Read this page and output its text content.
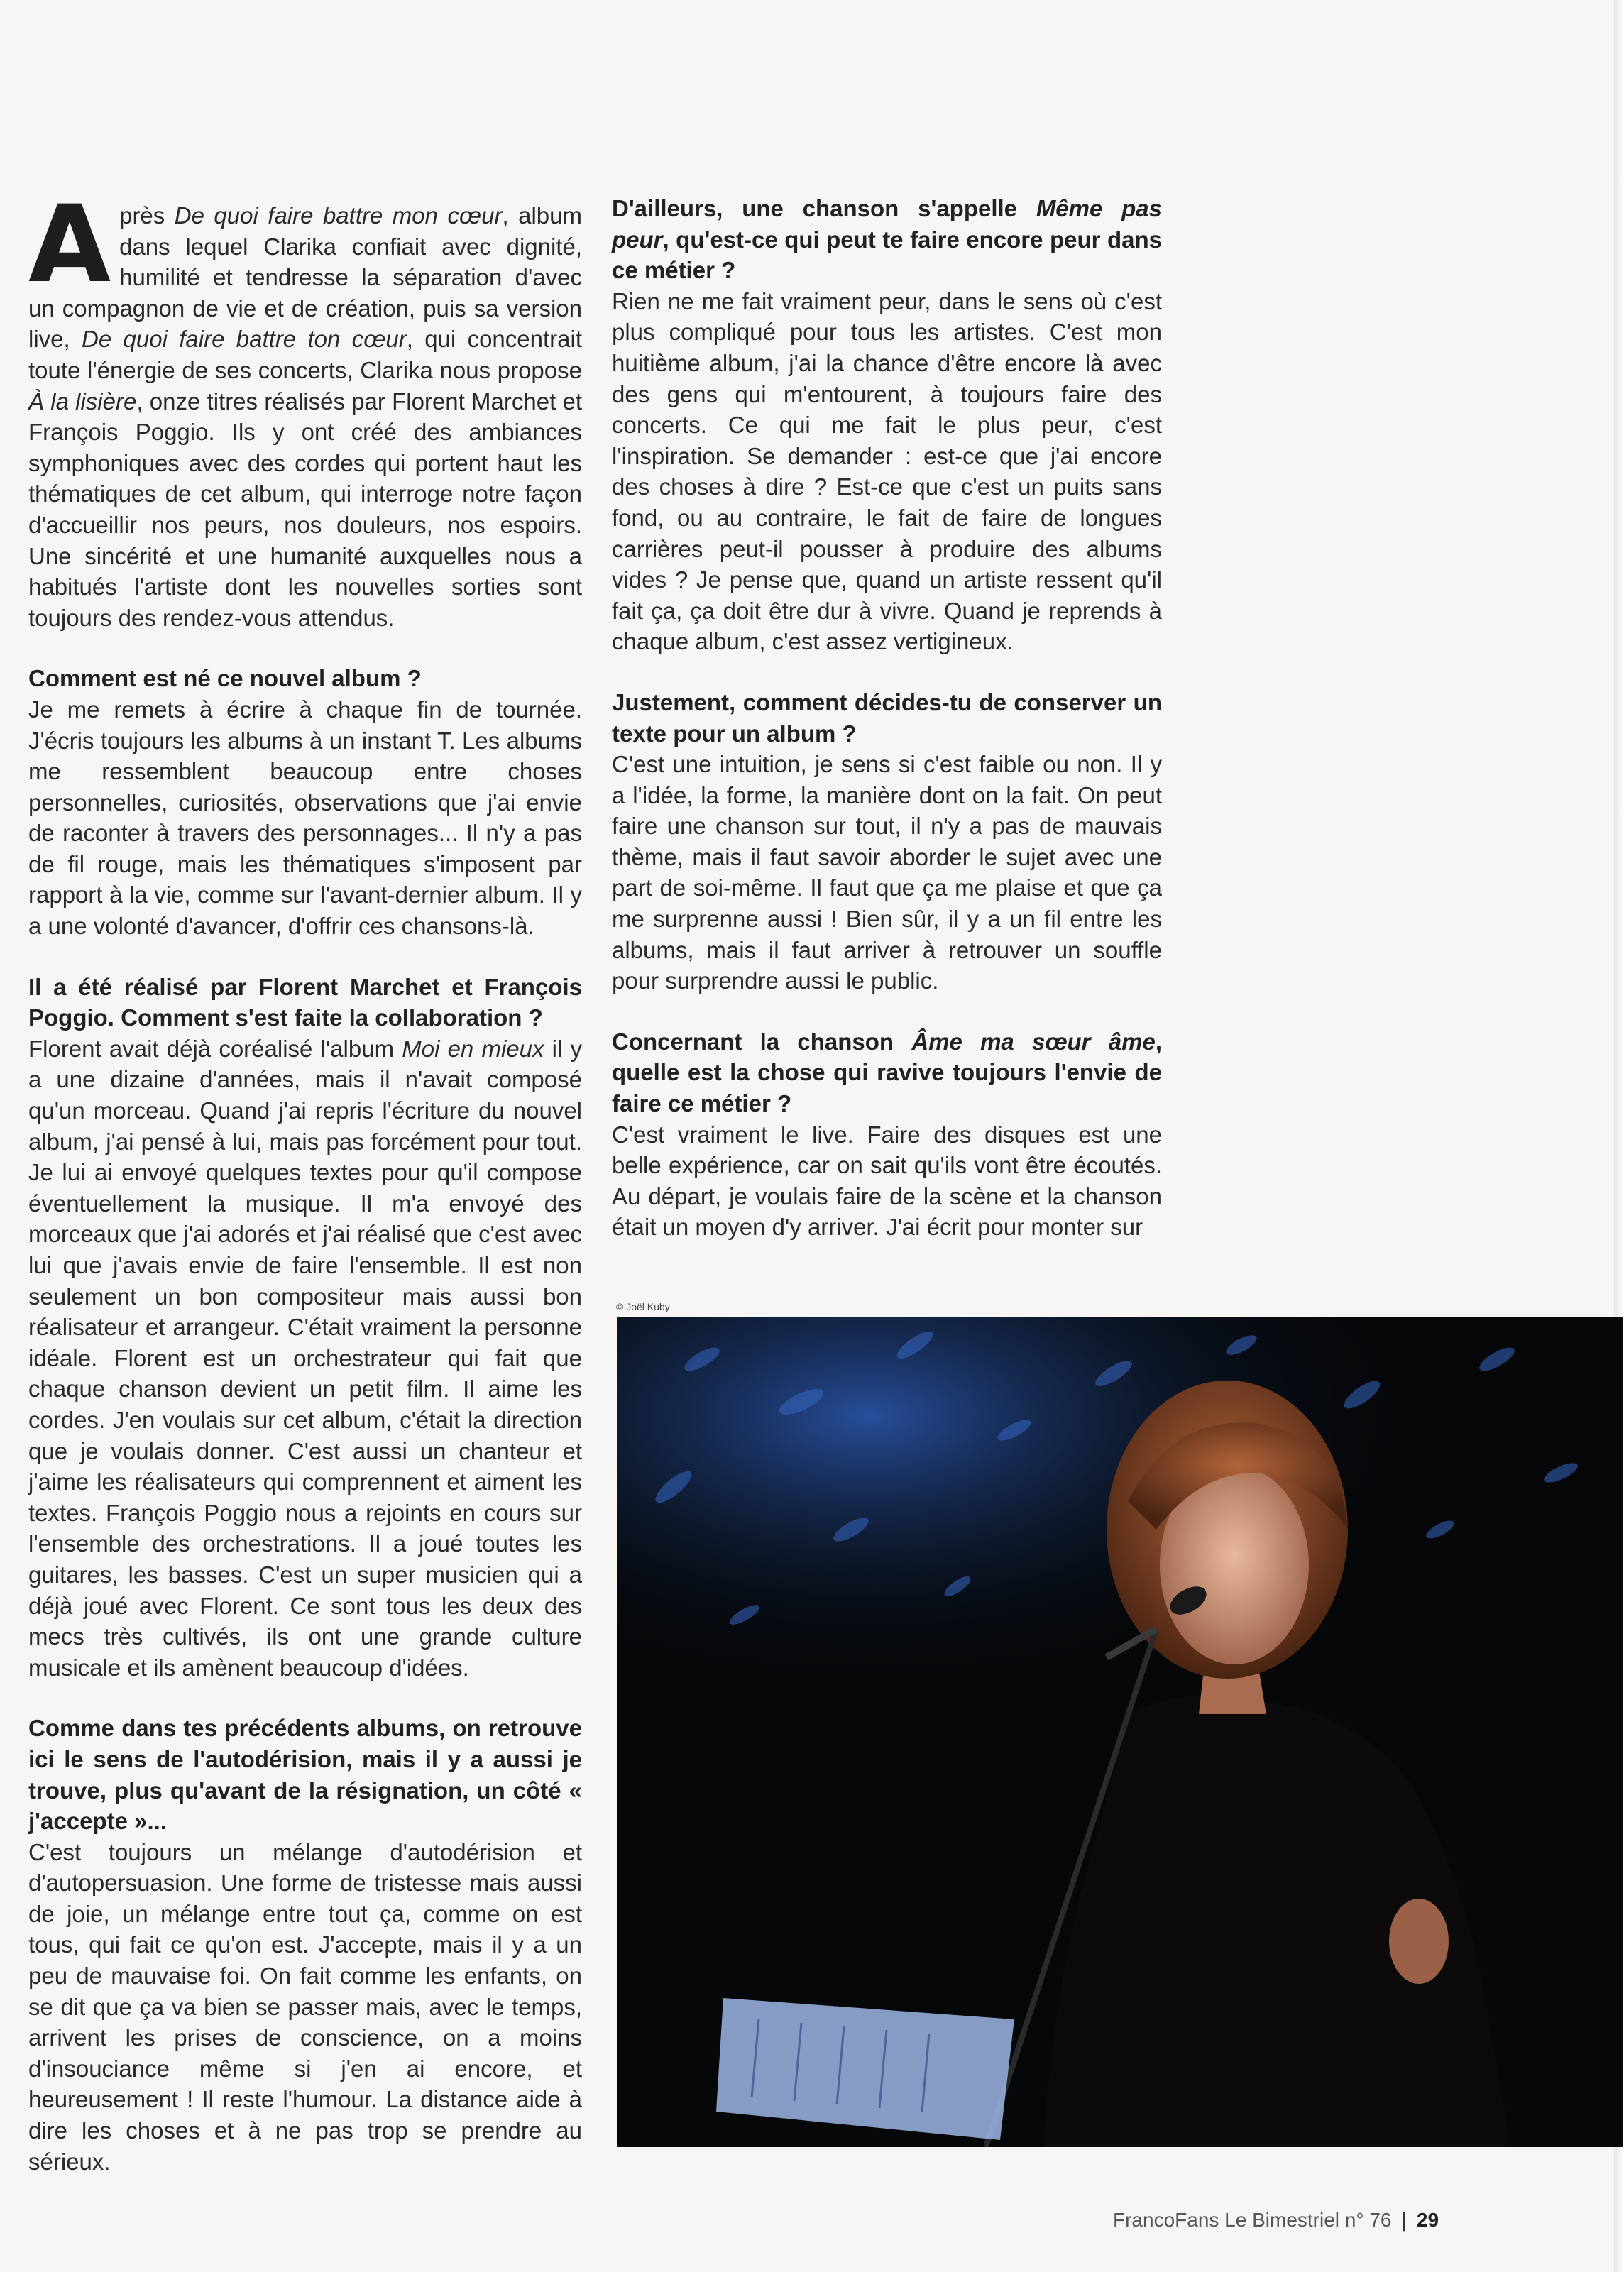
A près De quoi faire battre mon cœur, album dans lequel Clarika confiait avec dignité, humilité et tendresse la séparation d'avec un compagnon de vie et de création, puis sa version live, De quoi faire battre ton cœur, qui concentrait toute l'énergie de ses concerts, Clarika nous propose À la lisière, onze titres réalisés par Florent Marchet et François Poggio. Ils y ont créé des ambiances symphoniques avec des cordes qui portent haut les thématiques de cet album, qui interroge notre façon d'accueillir nos peurs, nos douleurs, nos espoirs. Une sincérité et une humanité auxquelles nous a habitués l'artiste dont les nouvelles sorties sont toujours des rendez-vous attendus.

Comment est né ce nouvel album ?

Je me remets à écrire à chaque fin de tournée. J'écris toujours les albums à un instant T. Les albums me ressemblent beaucoup entre choses personnelles, curiosités, observations que j'ai envie de raconter à travers des personnages... Il n'y a pas de fil rouge, mais les thématiques s'imposent par rapport à la vie, comme sur l'avant-dernier album. Il y a une volonté d'avancer, d'offrir ces chansons-là.

Il a été réalisé par Florent Marchet et François Poggio. Comment s'est faite la collaboration ?

Florent avait déjà coréalisé l'album Moi en mieux il y a une dizaine d'années, mais il n'avait composé qu'un morceau. Quand j'ai repris l'écriture du nouvel album, j'ai pensé à lui, mais pas forcément pour tout. Je lui ai envoyé quelques textes pour qu'il compose éventuellement la musique. Il m'a envoyé des morceaux que j'ai adorés et j'ai réalisé que c'est avec lui que j'avais envie de faire l'ensemble. Il est non seulement un bon compositeur mais aussi bon réalisateur et arrangeur. C'était vraiment la personne idéale. Florent est un orchestrateur qui fait que chaque chanson devient un petit film. Il aime les cordes. J'en voulais sur cet album, c'était la direction que je voulais donner. C'est aussi un chanteur et j'aime les réalisateurs qui comprennent et aiment les textes. François Poggio nous a rejoints en cours sur l'ensemble des orchestrations. Il a joué toutes les guitares, les basses. C'est un super musicien qui a déjà joué avec Florent. Ce sont tous les deux des mecs très cultivés, ils ont une grande culture musicale et ils amènent beaucoup d'idées.

Comme dans tes précédents albums, on retrouve ici le sens de l'autodérision, mais il y a aussi je trouve, plus qu'avant de la résignation, un côté « j'accepte »...

C'est toujours un mélange d'autodérision et d'autopersuasion. Une forme de tristesse mais aussi de joie, un mélange entre tout ça, comme on est tous, qui fait ce qu'on est. J'accepte, mais il y a un peu de mauvaise foi. On fait comme les enfants, on se dit que ça va bien se passer mais, avec le temps, arrivent les prises de conscience, on a moins d'insouciance même si j'en ai encore, et heureusement ! Il reste l'humour. La distance aide à dire les choses et à ne pas trop se prendre au sérieux.

D'ailleurs, une chanson s'appelle Même pas peur, qu'est-ce qui peut te faire encore peur dans ce métier ?

Rien ne me fait vraiment peur, dans le sens où c'est plus compliqué pour tous les artistes. C'est mon huitième album, j'ai la chance d'être encore là avec des gens qui m'entourent, à toujours faire des concerts. Ce qui me fait le plus peur, c'est l'inspiration. Se demander : est-ce que j'ai encore des choses à dire ? Est-ce que c'est un puits sans fond, ou au contraire, le fait de faire de longues carrières peut-il pousser à produire des albums vides ? Je pense que, quand un artiste ressent qu'il fait ça, ça doit être dur à vivre. Quand je reprends à chaque album, c'est assez vertigineux.

Justement, comment décides-tu de conserver un texte pour un album ?

C'est une intuition, je sens si c'est faible ou non. Il y a l'idée, la forme, la manière dont on la fait. On peut faire une chanson sur tout, il n'y a pas de mauvais thème, mais il faut savoir aborder le sujet avec une part de soi-même. Il faut que ça me plaise et que ça me surprenne aussi ! Bien sûr, il y a un fil entre les albums, mais il faut arriver à retrouver un souffle pour surprendre aussi le public.

Concernant la chanson Âme ma sœur âme, quelle est la chose qui ravive toujours l'envie de faire ce métier ?

C'est vraiment le live. Faire des disques est une belle expérience, car on sait qu'ils vont être écoutés. Au départ, je voulais faire de la scène et la chanson était un moyen d'y arriver. J'ai écrit pour monter sur

© Joël Kuby
FrancoFans Le Bimestriel n° 76 | 29
